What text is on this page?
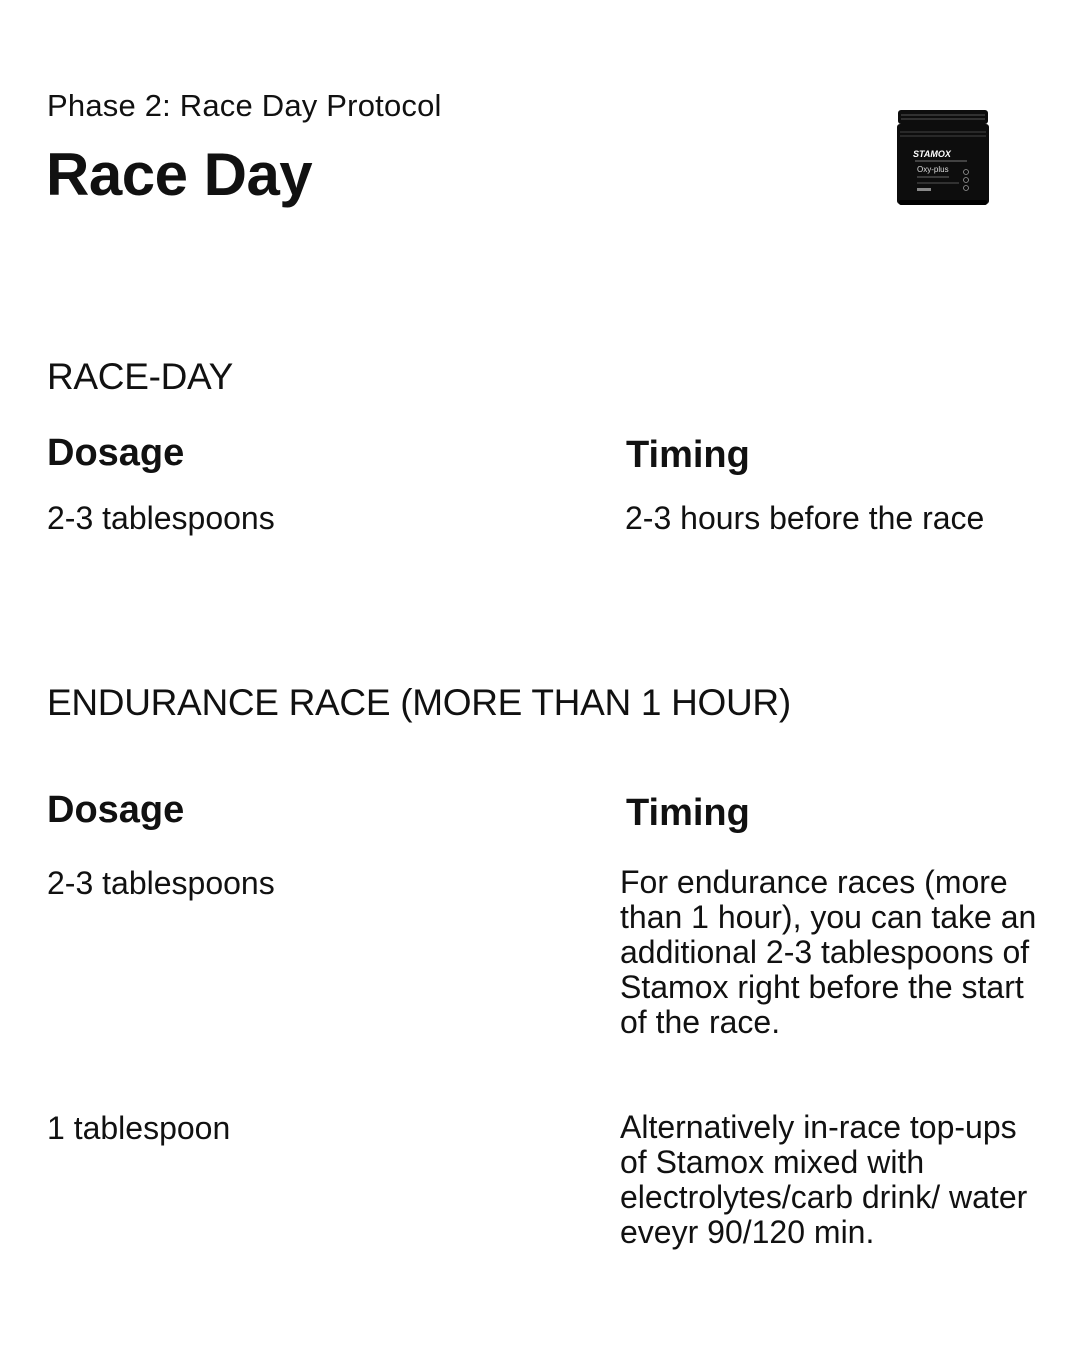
Phase 2: Race Day Protocol
Race Day	STAMOX
Oxy-plus
RACE-DAY
Dosage	Timing
2-3 tablespoons	2-3 hours before the race
ENDURANCE RACE (MORE THAN 1 HOUR)
Dosage	Timing
2-3 tablespoons	For endurance races (more than 1 hour), you can take an additional 2-3 tablespoons of Stamox right before the start of the race.
1 tablespoon	Alternatively in-race top-ups of Stamox mixed with electrolytes/carb drink/ water eveyr 90/120 min.
